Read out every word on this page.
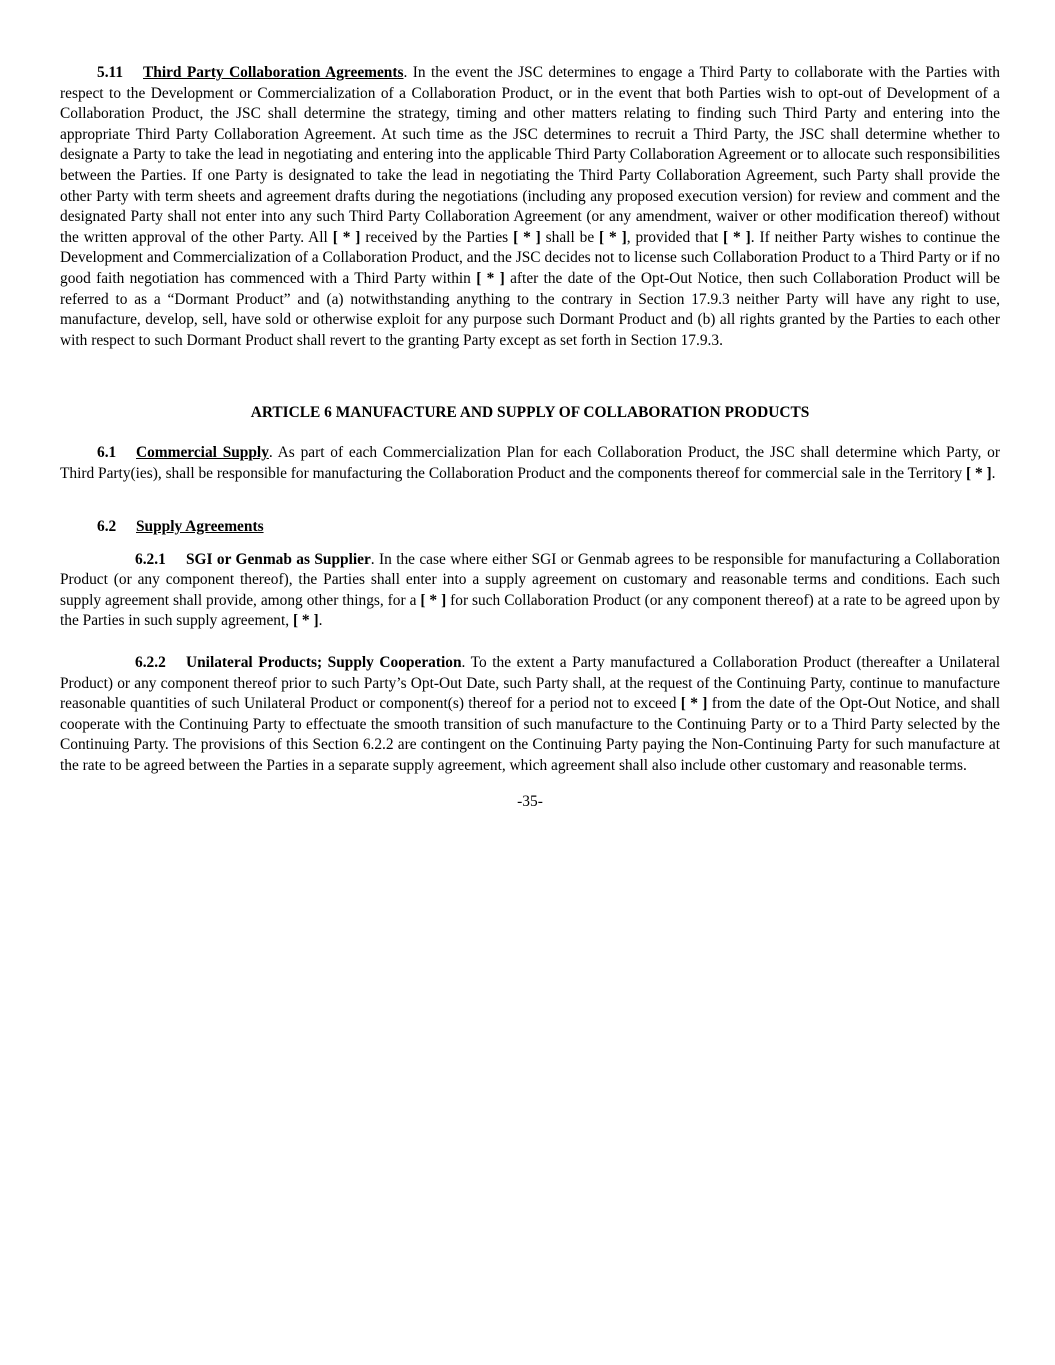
5.11 Third Party Collaboration Agreements. In the event the JSC determines to engage a Third Party to collaborate with the Parties with respect to the Development or Commercialization of a Collaboration Product, or in the event that both Parties wish to opt-out of Development of a Collaboration Product, the JSC shall determine the strategy, timing and other matters relating to finding such Third Party and entering into the appropriate Third Party Collaboration Agreement. At such time as the JSC determines to recruit a Third Party, the JSC shall determine whether to designate a Party to take the lead in negotiating and entering into the applicable Third Party Collaboration Agreement or to allocate such responsibilities between the Parties. If one Party is designated to take the lead in negotiating the Third Party Collaboration Agreement, such Party shall provide the other Party with term sheets and agreement drafts during the negotiations (including any proposed execution version) for review and comment and the designated Party shall not enter into any such Third Party Collaboration Agreement (or any amendment, waiver or other modification thereof) without the written approval of the other Party. All [ * ] received by the Parties [ * ] shall be [ * ], provided that [ * ]. If neither Party wishes to continue the Development and Commercialization of a Collaboration Product, and the JSC decides not to license such Collaboration Product to a Third Party or if no good faith negotiation has commenced with a Third Party within [ * ] after the date of the Opt-Out Notice, then such Collaboration Product will be referred to as a “Dormant Product” and (a) notwithstanding anything to the contrary in Section 17.9.3 neither Party will have any right to use, manufacture, develop, sell, have sold or otherwise exploit for any purpose such Dormant Product and (b) all rights granted by the Parties to each other with respect to such Dormant Product shall revert to the granting Party except as set forth in Section 17.9.3.

ARTICLE 6 MANUFACTURE AND SUPPLY OF COLLABORATION PRODUCTS

6.1 Commercial Supply. As part of each Commercialization Plan for each Collaboration Product, the JSC shall determine which Party, or Third Party(ies), shall be responsible for manufacturing the Collaboration Product and the components thereof for commercial sale in the Territory [ * ].

6.2 Supply Agreements

6.2.1 SGI or Genmab as Supplier. In the case where either SGI or Genmab agrees to be responsible for manufacturing a Collaboration Product (or any component thereof), the Parties shall enter into a supply agreement on customary and reasonable terms and conditions. Each such supply agreement shall provide, among other things, for a [ * ] for such Collaboration Product (or any component thereof) at a rate to be agreed upon by the Parties in such supply agreement, [ * ].

6.2.2 Unilateral Products; Supply Cooperation. To the extent a Party manufactured a Collaboration Product (thereafter a Unilateral Product) or any component thereof prior to such Party’s Opt-Out Date, such Party shall, at the request of the Continuing Party, continue to manufacture reasonable quantities of such Unilateral Product or component(s) thereof for a period not to exceed [ * ] from the date of the Opt-Out Notice, and shall cooperate with the Continuing Party to effectuate the smooth transition of such manufacture to the Continuing Party or to a Third Party selected by the Continuing Party. The provisions of this Section 6.2.2 are contingent on the Continuing Party paying the Non-Continuing Party for such manufacture at the rate to be agreed between the Parties in a separate supply agreement, which agreement shall also include other customary and reasonable terms.

-35-
